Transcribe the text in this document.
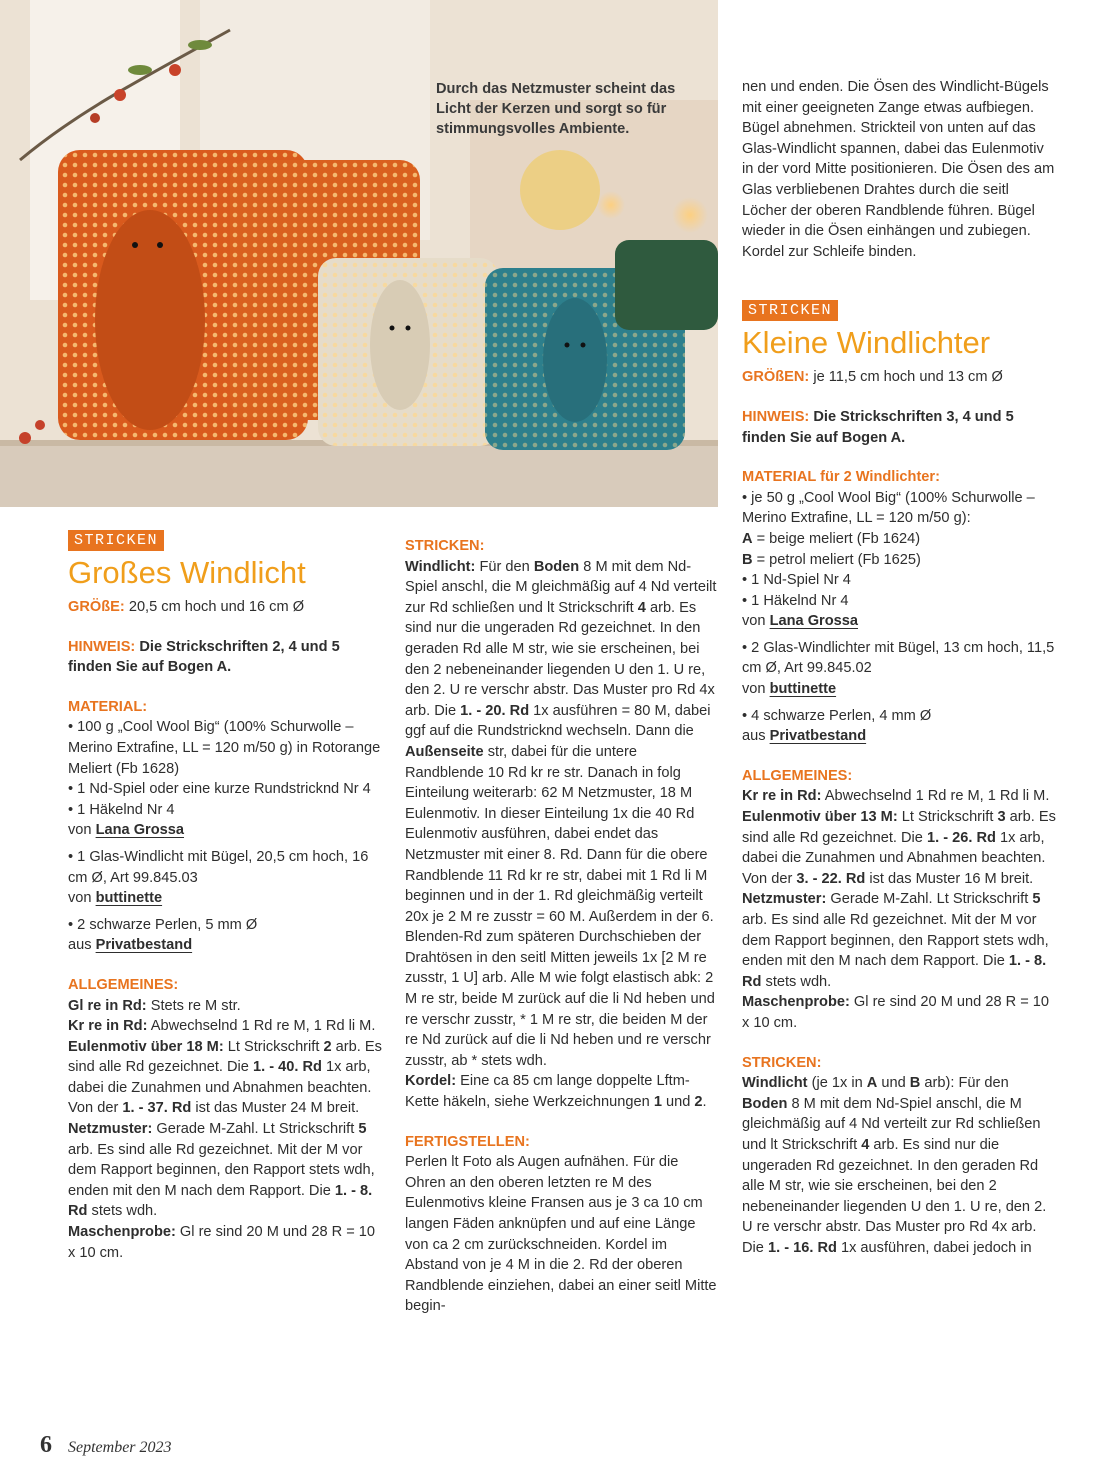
Durch das Netzmuster scheint das Licht der Kerzen und sorgt so für stimmungsvolles Ambiente.
STRICKEN
Großes Windlicht

GRÖßE: 20,5 cm hoch und 16 cm Ø

HINWEIS: Die Strickschriften 2, 4 und 5 finden Sie auf Bogen A.

MATERIAL:

• 100 g „Cool Wool Big“ (100% Schurwolle – Merino Extrafine, LL = 120 m/50 g) in Rotorange Meliert (Fb 1628)

• 1 Nd-Spiel oder eine kurze Rundstricknd Nr 4

• 1 Häkelnd Nr 4

von Lana Grossa

• 1 Glas-Windlicht mit Bügel, 20,5 cm hoch, 16 cm Ø, Art 99.845.03

von buttinette

• 2 schwarze Perlen, 5 mm Ø

aus Privatbestand

ALLGEMEINES:

Gl re in Rd: Stets re M str.

Kr re in Rd: Abwechselnd 1 Rd re M, 1 Rd li M.

Eulenmotiv über 18 M: Lt Strickschrift 2 arb. Es sind alle Rd gezeichnet. Die 1. - 40. Rd 1x arb, dabei die Zunahmen und Abnahmen beachten. Von der 1. - 37. Rd ist das Muster 24 M breit.

Netzmuster: Gerade M-Zahl. Lt Strickschrift 5 arb. Es sind alle Rd gezeichnet. Mit der M vor dem Rapport beginnen, den Rapport stets wdh, enden mit den M nach dem Rapport. Die 1. - 8. Rd stets wdh.

Maschenprobe: Gl re sind 20 M und 28 R = 10 x 10 cm.

STRICKEN:

Windlicht: Für den Boden 8 M mit dem Nd-Spiel anschl, die M gleichmäßig auf 4 Nd verteilt zur Rd schließen und lt Strickschrift 4 arb. Es sind nur die ungeraden Rd gezeichnet. In den geraden Rd alle M str, wie sie erscheinen, bei den 2 nebeneinander liegenden U den 1. U re, den 2. U re verschr abstr. Das Muster pro Rd 4x arb. Die 1. - 20. Rd 1x ausführen = 80 M, dabei ggf auf die Rundstricknd wechseln. Dann die Außenseite str, dabei für die untere Randblende 10 Rd kr re str. Danach in folg Einteilung weiterarb: 62 M Netzmuster, 18 M Eulenmotiv. In dieser Einteilung 1x die 40 Rd Eulenmotiv ausführen, dabei endet das Netzmuster mit einer 8. Rd. Dann für die obere Randblende 11 Rd kr re str, dabei mit 1 Rd li M beginnen und in der 1. Rd gleichmäßig verteilt 20x je 2 M re zusstr = 60 M. Außerdem in der 6. Blenden-Rd zum späteren Durchschieben der Drahtösen in den seitl Mitten jeweils 1x [2 M re zusstr, 1 U] arb. Alle M wie folgt elastisch abk: 2 M re str, beide M zurück auf die li Nd heben und re verschr zusstr, * 1 M re str, die beiden M der re Nd zurück auf die li Nd heben und re verschr zusstr, ab * stets wdh.

Kordel: Eine ca 85 cm lange doppelte Lftm-Kette häkeln, siehe Werkzeichnungen 1 und 2.

FERTIGSTELLEN:

Perlen lt Foto als Augen aufnähen. Für die Ohren an den oberen letzten re M des Eulenmotivs kleine Fransen aus je 3 ca 10 cm langen Fäden anknüpfen und auf eine Länge von ca 2 cm zurückschneiden. Kordel im Abstand von je 4 M in die 2. Rd der oberen Randblende einziehen, dabei an einer seitl Mitte begin-

nen und enden. Die Ösen des Windlicht-Bügels mit einer geeigneten Zange etwas aufbiegen. Bügel abnehmen. Strickteil von unten auf das Glas-Windlicht spannen, dabei das Eulenmotiv in der vord Mitte positionieren. Die Ösen des am Glas verbliebenen Drahtes durch die seitl Löcher der oberen Randblende führen. Bügel wieder in die Ösen einhängen und zubiegen. Kordel zur Schleife binden.

STRICKEN
Kleine Windlichter

GRÖßEN: je 11,5 cm hoch und 13 cm Ø

HINWEIS: Die Strickschriften 3, 4 und 5 finden Sie auf Bogen A.

MATERIAL für 2 Windlichter:

• je 50 g „Cool Wool Big“ (100% Schurwolle – Merino Extrafine, LL = 120 m/50 g):

A = beige meliert (Fb 1624)

B = petrol meliert (Fb 1625)

• 1 Nd-Spiel Nr 4

• 1 Häkelnd Nr 4

von Lana Grossa

• 2 Glas-Windlichter mit Bügel, 13 cm hoch, 11,5 cm Ø, Art 99.845.02

von buttinette

• 4 schwarze Perlen, 4 mm Ø

aus Privatbestand

ALLGEMEINES:

Kr re in Rd: Abwechselnd 1 Rd re M, 1 Rd li M.

Eulenmotiv über 13 M: Lt Strickschrift 3 arb. Es sind alle Rd gezeichnet. Die 1. - 26. Rd 1x arb, dabei die Zunahmen und Abnahmen beachten. Von der 3. - 22. Rd ist das Muster 16 M breit.

Netzmuster: Gerade M-Zahl. Lt Strickschrift 5 arb. Es sind alle Rd gezeichnet. Mit der M vor dem Rapport beginnen, den Rapport stets wdh, enden mit den M nach dem Rapport. Die 1. - 8. Rd stets wdh.

Maschenprobe: Gl re sind 20 M und 28 R = 10 x 10 cm.

STRICKEN:

Windlicht (je 1x in A und B arb): Für den Boden 8 M mit dem Nd-Spiel anschl, die M gleichmäßig auf 4 Nd verteilt zur Rd schließen und lt Strickschrift 4 arb. Es sind nur die ungeraden Rd gezeichnet. In den geraden Rd alle M str, wie sie erscheinen, bei den 2 nebeneinander liegenden U den 1. U re, den 2. U re verschr abstr. Das Muster pro Rd 4x arb. Die 1. - 16. Rd 1x ausführen, dabei jedoch in

6 September 2023
